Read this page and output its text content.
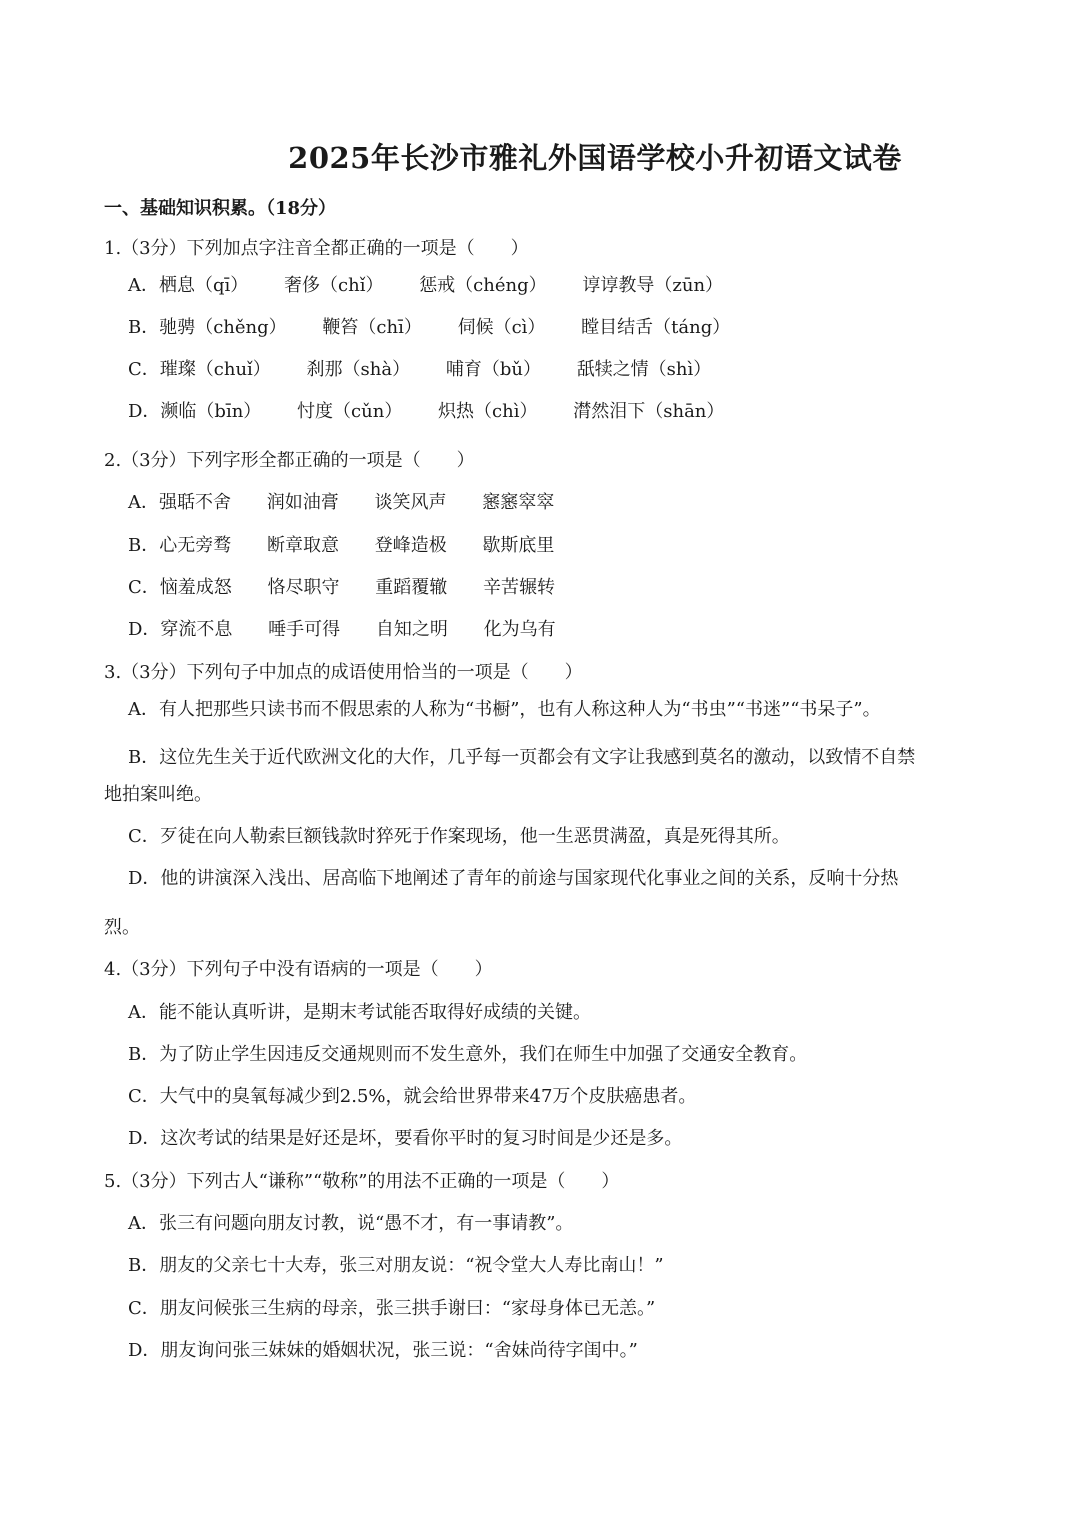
2025年长沙市雅礼外国语学校小升初语文试卷
一、基础知识积累。（18分）
1.（3分）下列加点字注音全都正确的一项是（　　）
A．栖息（qī） 奢侈（chǐ） 惩戒（chéng） 谆谆教导（zūn）
B．驰骋（chěng） 鞭笞（chī） 伺候（cì） 瞠目结舌（táng）
C．璀璨（chuǐ） 刹那（shà） 哺育（bǔ） 舐犊之情（shì）
D．濒临（bīn） 忖度（cǔn） 炽热（chì） 潸然泪下（shān）
2.（3分）下列字形全都正确的一项是（　　）
A．强聒不舍 润如油膏 谈笑风声 窸窸窣窣
B．心无旁骛 断章取意 登峰造极 歇斯底里
C．恼羞成怒 恪尽职守 重蹈覆辙 辛苦辗转
D．穿流不息 唾手可得 自知之明 化为乌有
3.（3分）下列句子中加点的成语使用恰当的一项是（　　）
A．有人把那些只读书而不假思索的人称为“书橱”，也有人称这种人为“书虫”“书迷”“书呆子”。
B．这位先生关于近代欧洲文化的大作，几乎每一页都会有文字让我感到莫名的激动，以致情不自禁
地拍案叫绝。
C．歹徒在向人勒索巨额钱款时猝死于作案现场，他一生恶贯满盈，真是死得其所。
D．他的讲演深入浅出、居高临下地阐述了青年的前途与国家现代化事业之间的关系，反响十分热
烈。
4.（3分）下列句子中没有语病的一项是（　　）
A．能不能认真听讲，是期末考试能否取得好成绩的关键。
B．为了防止学生因违反交通规则而不发生意外，我们在师生中加强了交通安全教育。
C．大气中的臭氧每减少到2.5%，就会给世界带来47万个皮肤癌患者。
D．这次考试的结果是好还是坏，要看你平时的复习时间是少还是多。
5.（3分）下列古人“谦称”“敬称”的用法不正确的一项是（　　）
A．张三有问题向朋友讨教，说“愚不才，有一事请教”。
B．朋友的父亲七十大寿，张三对朋友说：“祝令堂大人寿比南山！”
C．朋友问候张三生病的母亲，张三拱手谢曰：“家母身体已无恙。”
D．朋友询问张三妹妹的婚姻状况，张三说：“舍妹尚待字闺中。”
